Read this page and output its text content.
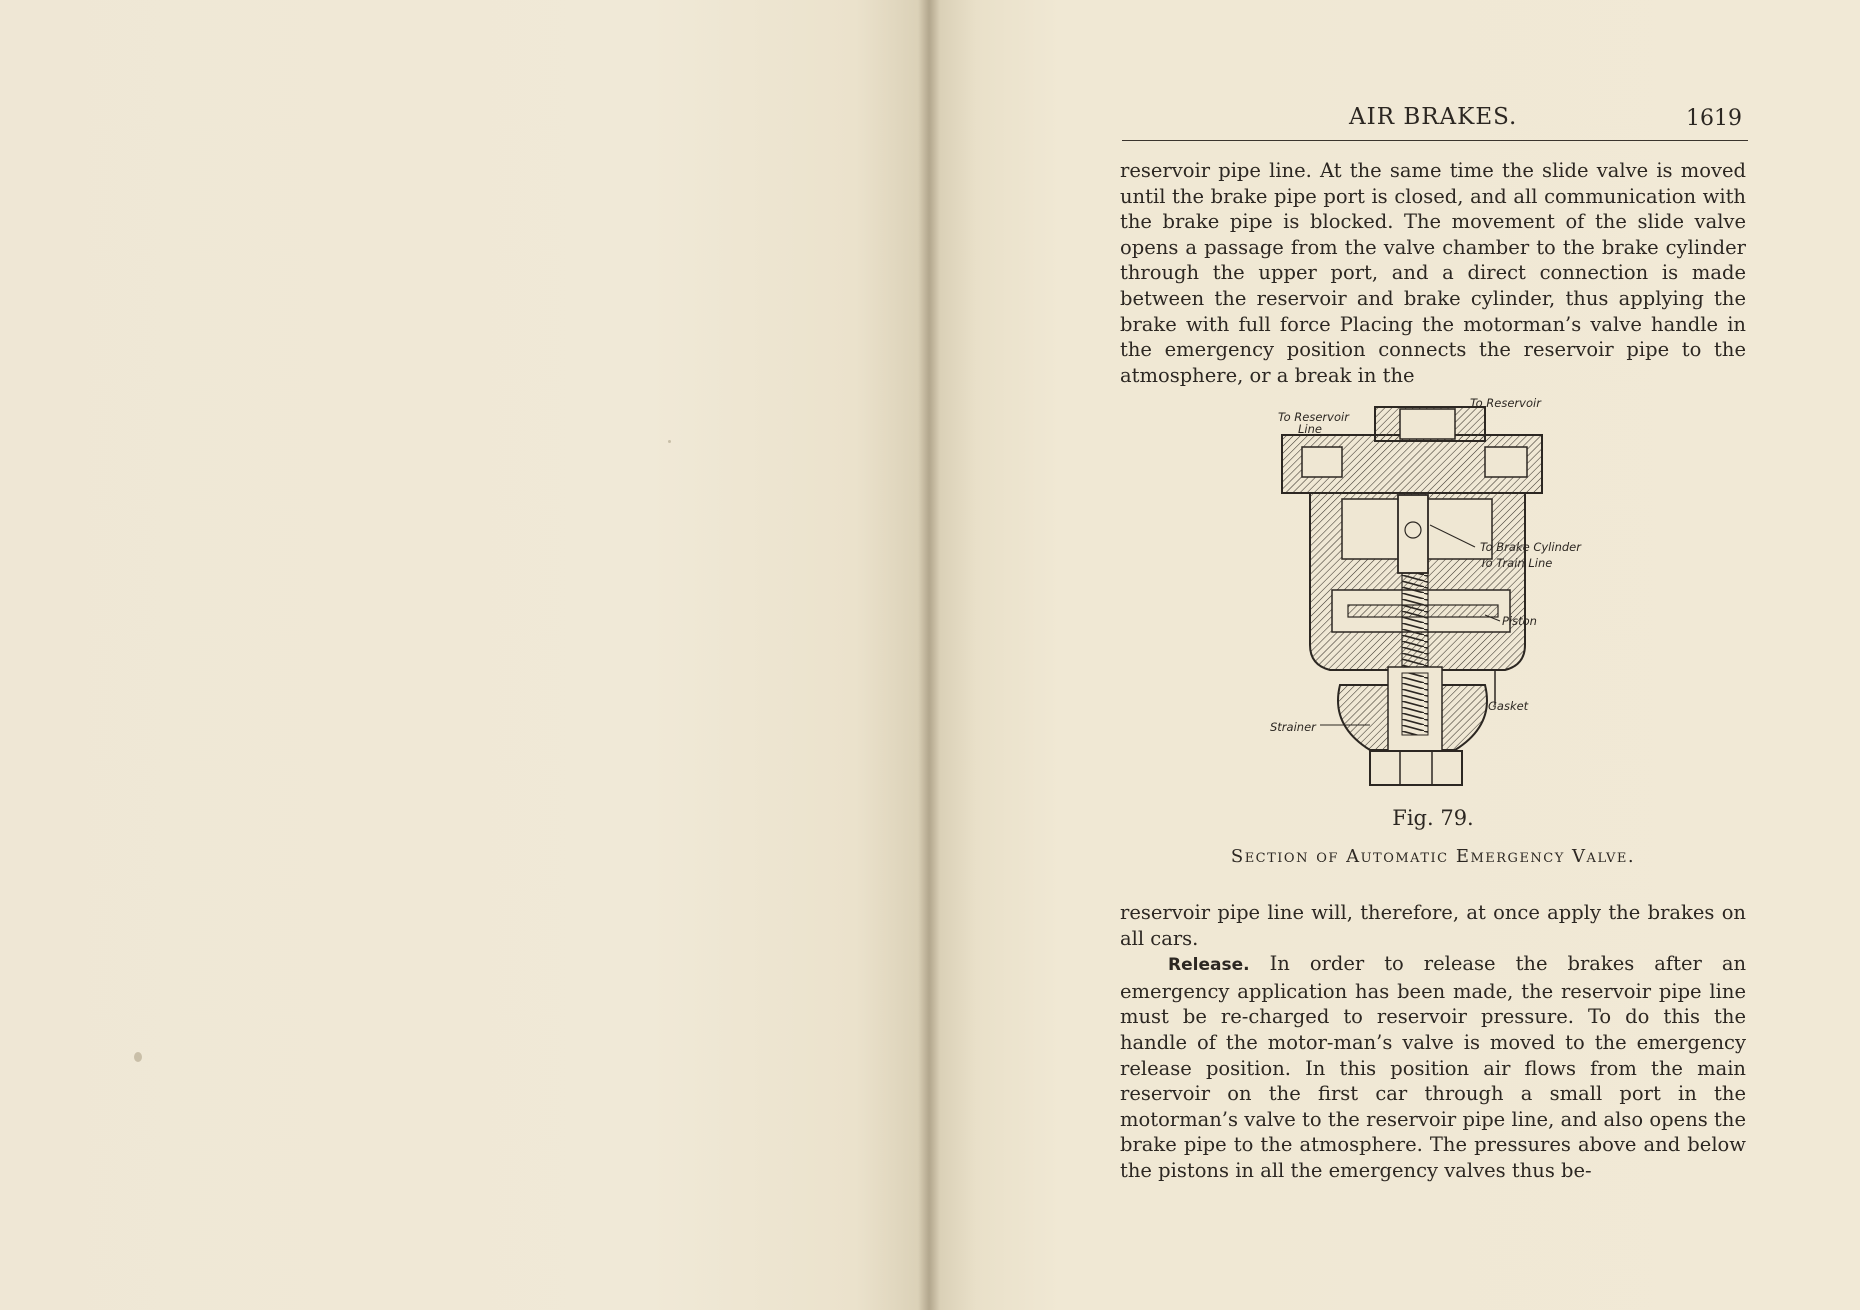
AIR BRAKES.	1619

reservoir pipe line. At the same time the slide valve is moved until the brake pipe port is closed, and all communication with the brake pipe is blocked. The movement of the slide valve opens a passage from the valve chamber to the brake cylinder through the upper port, and a direct connection is made between the reservoir and brake cylinder, thus applying the brake with full force Placing the motorman’s valve handle in the emergency position connects the reservoir pipe to the atmosphere, or a break in the

To Reservoir
Line
To Reservoir
To Brake Cylinder
To Train Line
Piston
Gasket
Strainer
Fig. 79.
Section of Automatic Emergency Valve.

reservoir pipe line will, therefore, at once apply the brakes on all cars.

Release. In order to release the brakes after an emergency application has been made, the reservoir pipe line must be re-charged to reservoir pressure. To do this the handle of the motor-man’s valve is moved to the emergency release position. In this position air flows from the main reservoir on the first car through a small port in the motorman’s valve to the reservoir pipe line, and also opens the brake pipe to the atmosphere. The pressures above and below the pistons in all the emergency valves thus be-
